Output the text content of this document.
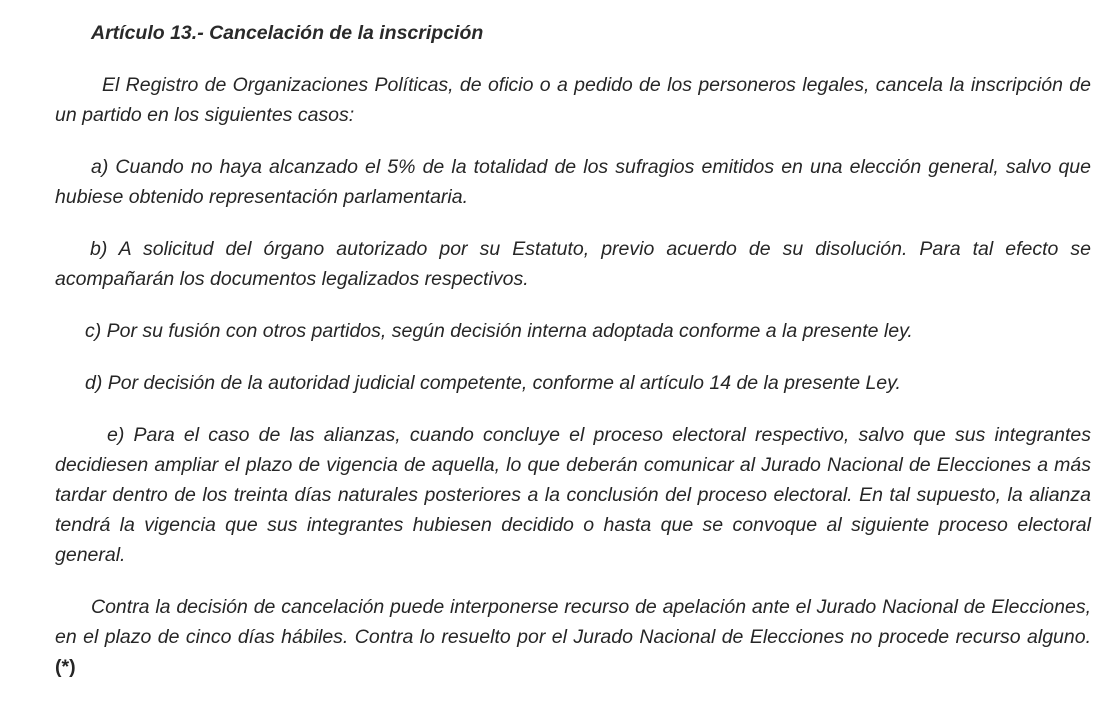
Artículo 13.- Cancelación de la inscripción

El Registro de Organizaciones Políticas, de oficio o a pedido de los personeros legales, cancela la inscripción de un partido en los siguientes casos:

a) Cuando no haya alcanzado el 5% de la totalidad de los sufragios emitidos en una elección general, salvo que hubiese obtenido representación parlamentaria.

b) A solicitud del órgano autorizado por su Estatuto, previo acuerdo de su disolución. Para tal efecto se acompañarán los documentos legalizados respectivos.

c) Por su fusión con otros partidos, según decisión interna adoptada conforme a la presente ley.

d) Por decisión de la autoridad judicial competente, conforme al artículo 14 de la presente Ley.

e) Para el caso de las alianzas, cuando concluye el proceso electoral respectivo, salvo que sus integrantes decidiesen ampliar el plazo de vigencia de aquella, lo que deberán comunicar al Jurado Nacional de Elecciones a más tardar dentro de los treinta días naturales posteriores a la conclusión del proceso electoral. En tal supuesto, la alianza tendrá la vigencia que sus integrantes hubiesen decidido o hasta que se convoque al siguiente proceso electoral general.

Contra la decisión de cancelación puede interponerse recurso de apelación ante el Jurado Nacional de Elecciones, en el plazo de cinco días hábiles. Contra lo resuelto por el Jurado Nacional de Elecciones no procede recurso alguno.(*)
